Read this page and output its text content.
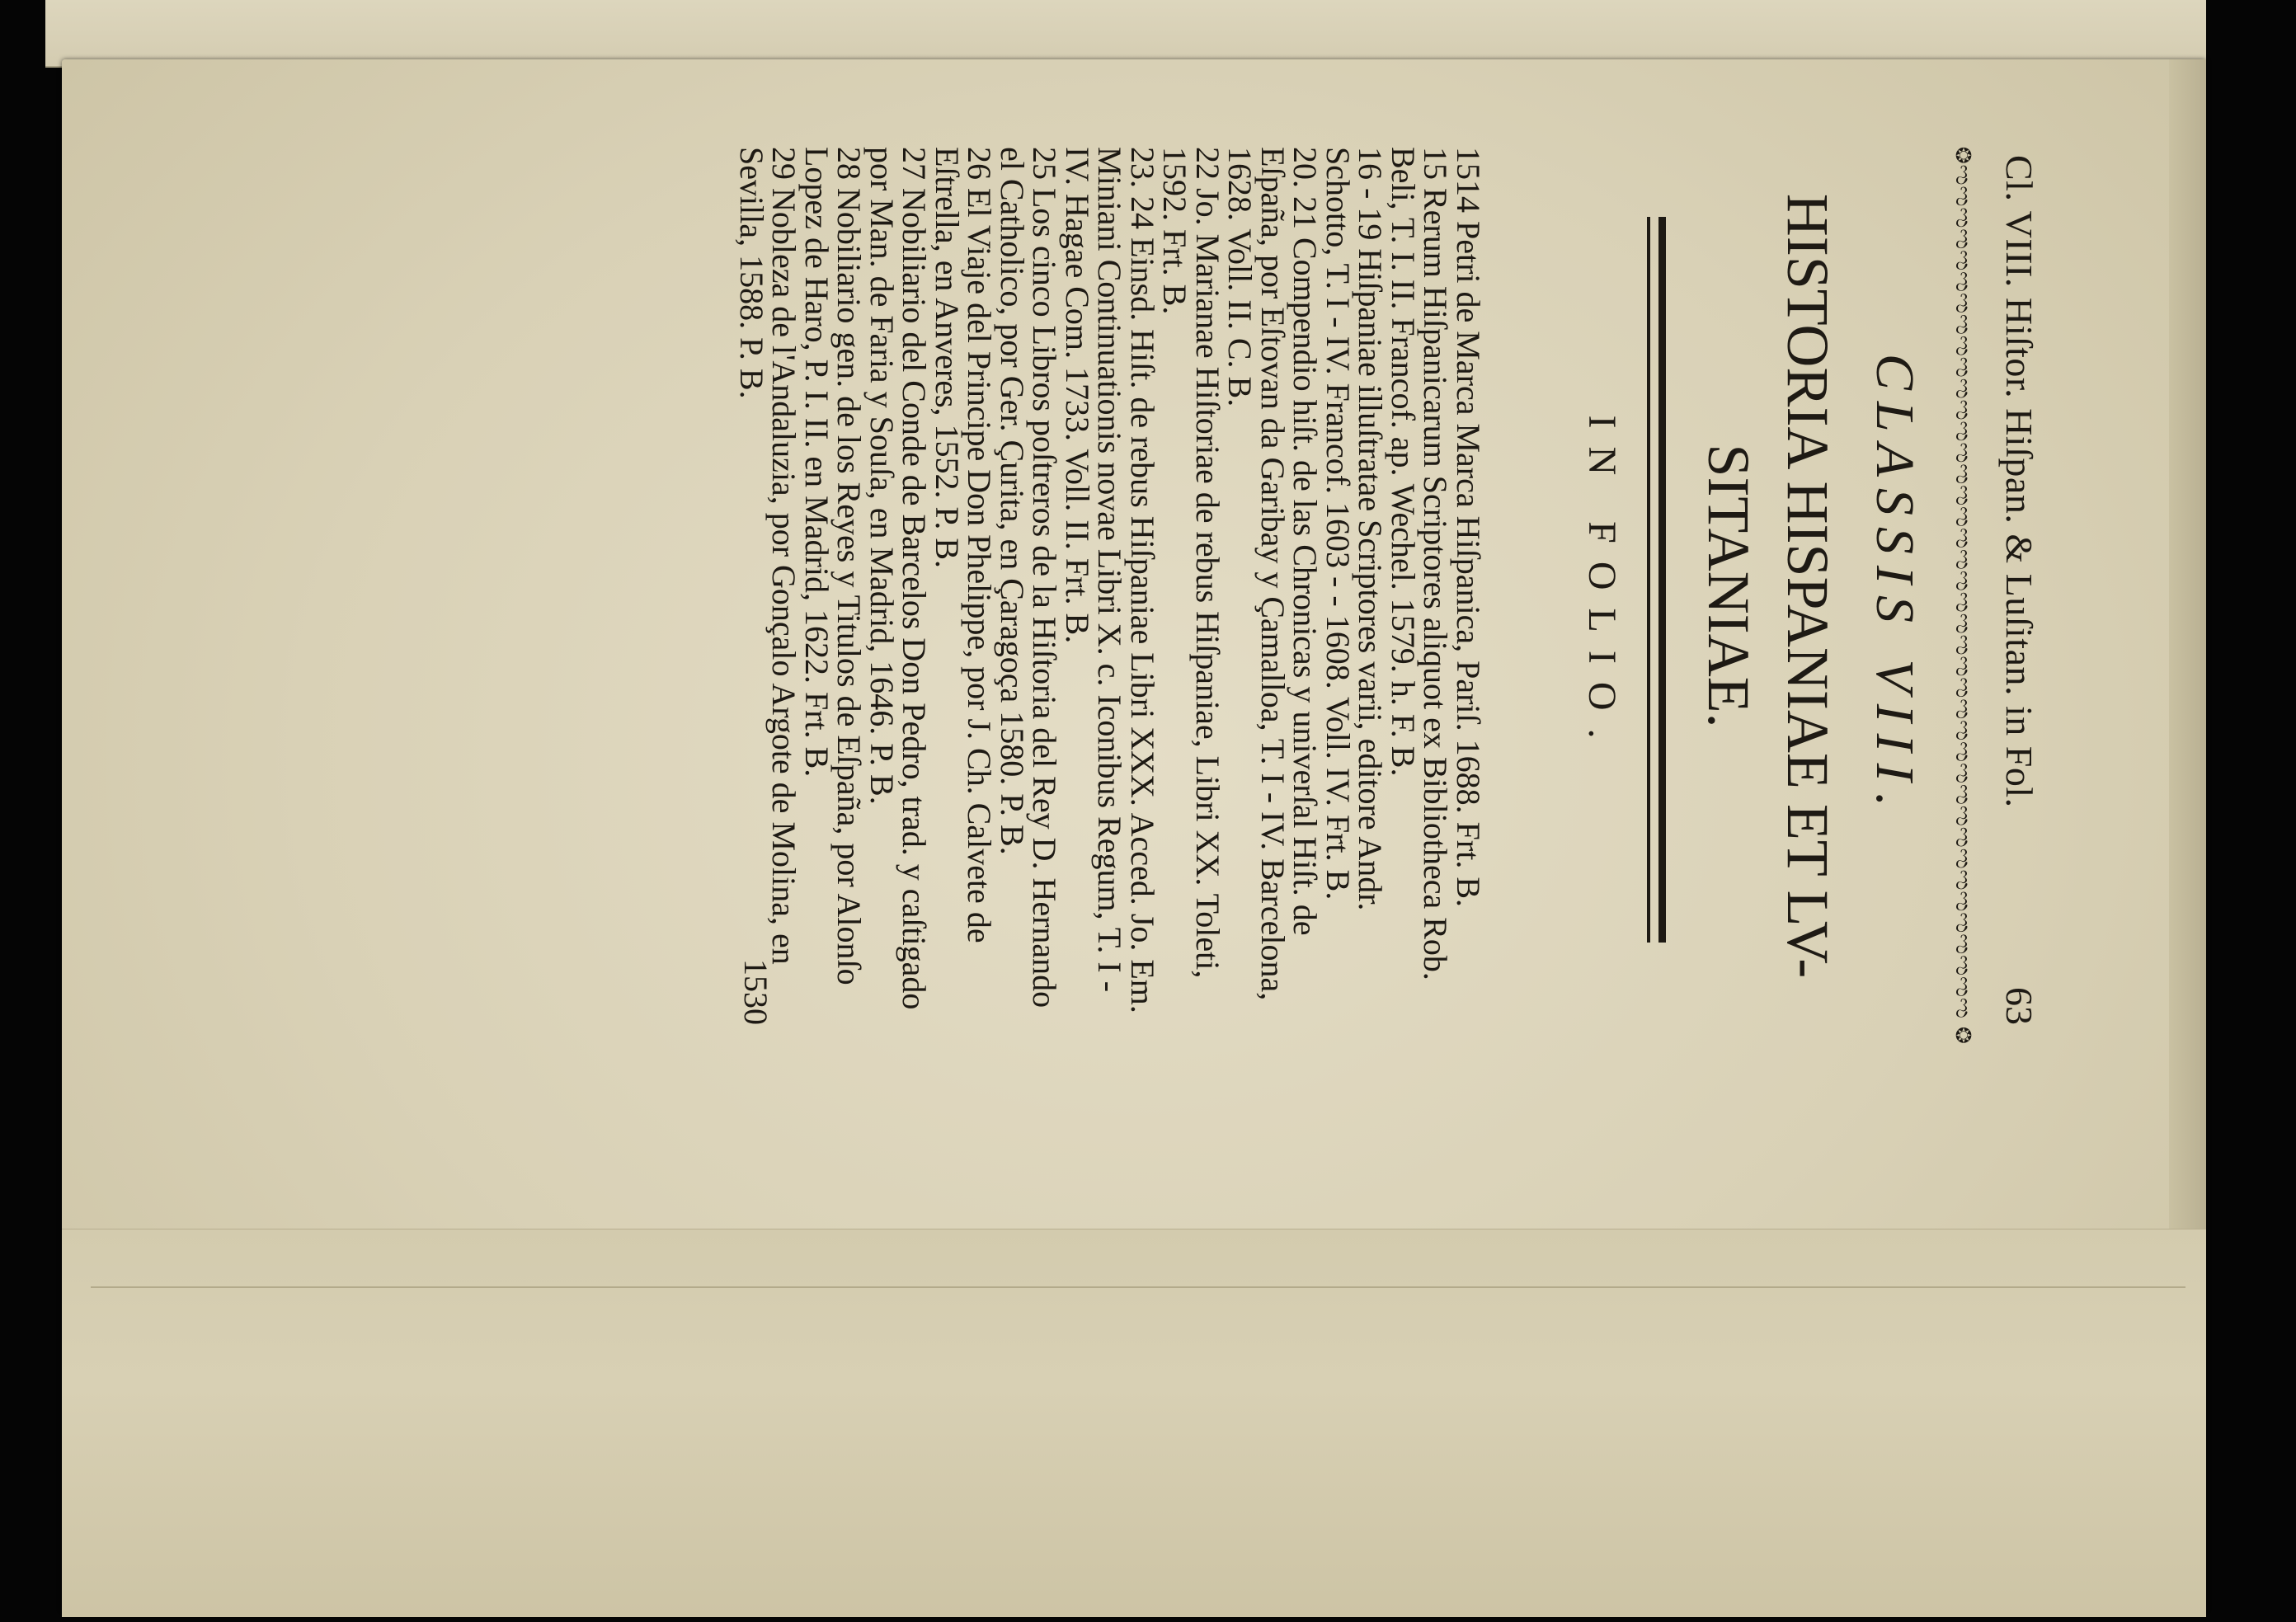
Cl. VIII. Hiſtor. Hiſpan. & Luſitan. in Fol.
63
❂ಌಌಌಌಌಌಌಌಌಌಌಌಌಌಌಌಌಌಌಌಌಌಌಌಌಌಌಌಌಌಌಌಌಌಌಌಌಌಌಌ ❂
CLASSIS VIII.
HISTORIA HISPANIAE ET LV-
SITANIAE.
IN FOLIO.
1514 Petri de Marca Marca Hiſpanica, Pariſ. 1688. Frt. B.
15 Rerum Hiſpanicarum Scriptores aliquot ex Bibliotheca Rob. Beli, T. I. II. Francof. ap. Wechel. 1579. h. F. B.
16 - 19 Hiſpaniae illuſtratae Scriptores varii, editore Andr. Schotto, T. I - IV. Francof. 1603 - - 1608. Voll. IV. Frt. B.
20. 21 Compendio hiſt. de las Chronicas y univerſal Hiſt. de Eſpaña, por Eſtovan da Garibay y Çamalloa, T. I - IV. Barcelona, 1628. Voll. II. C. B.
22 Jo. Marianae Hiſtoriae de rebus Hiſpaniae, Libri XX. Toleti, 1592. Frt. B.
23. 24 Einsd. Hiſt. de rebus Hiſpaniae Libri XXX. Acced. Jo. Em. Miniani Continuationis novae Libri X. c. Iconibus Regum, T. I - IV. Hagae Com. 1733. Voll. II. Frt. B.
25 Los cinco Libros poſtreros de la Hiſtoria del Rey D. Hernando el Catholico, por Ger. Çurita, en Çaragoça 1580. P. B.
26 El Viaje del Principe Don Phelippe, por J. Ch. Calvete de Eſtrella, en Anveres, 1552. P. B.
27 Nobiliario del Conde de Barcelos Don Pedro, trad. y caſtigado por Man. de Faria y Souſa, en Madrid, 1646. P. B.
28 Nobiliario gen. de los Reyes y Titulos de Eſpaña, por Alonſo Lopez de Haro, P. I. II. en Madrid, 1622. Frt. B.
29 Nobleza de l'Andaluzia, por Gonçalo Argote de Molina, en Sevilla, 1588. P. B.
1530
